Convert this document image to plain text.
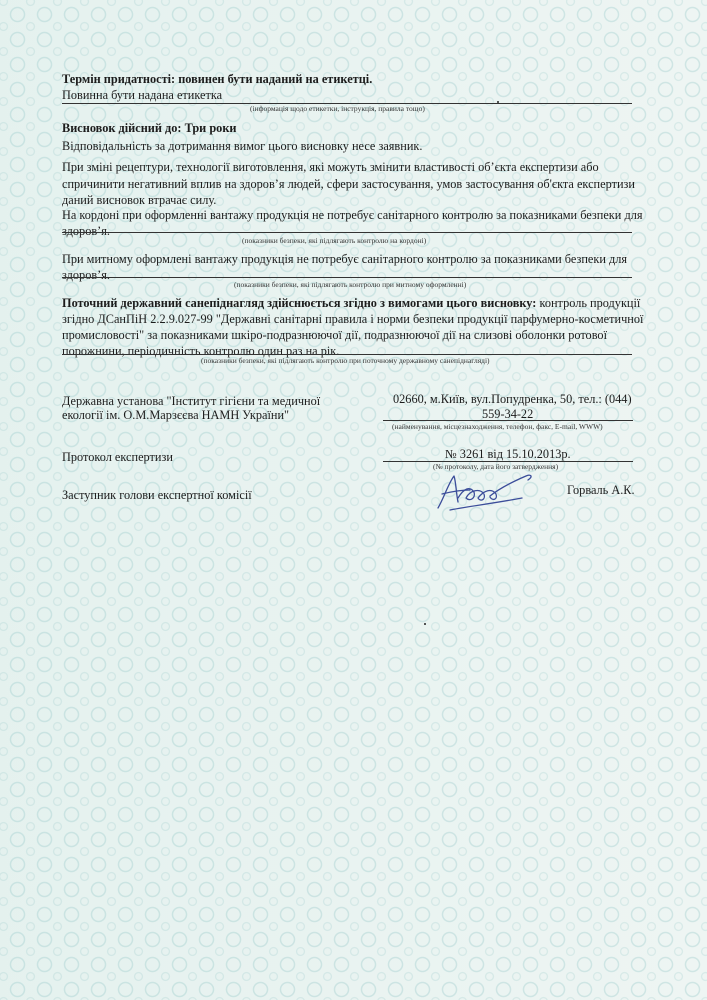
Термін придатності: повинен бути наданий на етикетці.
Повинна бути надана етикетка
(інформація щодо етикетки, інструкція, правила тощо)
Висновок дійсний до: Три роки
Відповідальність за дотримання вимог цього висновку несе заявник.
При зміні рецептури, технології виготовлення, які можуть змінити властивості об’єкта експертизи або
спричинити негативний вплив на здоров’я людей, сфери застосування, умов застосування об'єкта експертизи
даний висновок втрачає силу.
На кордоні при оформленні вантажу продукція не потребує санітарного контролю за показниками безпеки для
здоров’я.
(показники безпеки, які підлягають контролю на кордоні)
При митному оформлені вантажу продукція не потребує санітарного контролю за показниками безпеки для
здоров’я.
(показники безпеки, які підлягають контролю при митному оформленні)
Поточний державний санепіднагляд здійснюється згідно з вимогами цього висновку: контроль продукції
згідно ДСанПіН 2.2.9.027-99 "Державні санітарні правила і норми безпеки продукції парфумерно-косметичної
промисловості" за показниками шкіро-подразнюючої дії, подразнюючої дії на слизові оболонки ротової
порожнини, періодичність контролю один раз на рік.
(показники безпеки, які підлягають контролю при поточному державному санепіднагляді)
Державна установа "Інститут гігієни та медичної
екології ім. О.М.Марзєєва НАМН України"
02660, м.Київ, вул.Попудренка, 50, тел.: (044)
559-34-22
(найменування, місцезнаходження, телефон, факс, E-mail, WWW)
Протокол експертизи	№ 3261 від 15.10.2013р.
(№ протоколу, дата його затвердження)
Заступник голови експертної комісії	Горваль А.К.
